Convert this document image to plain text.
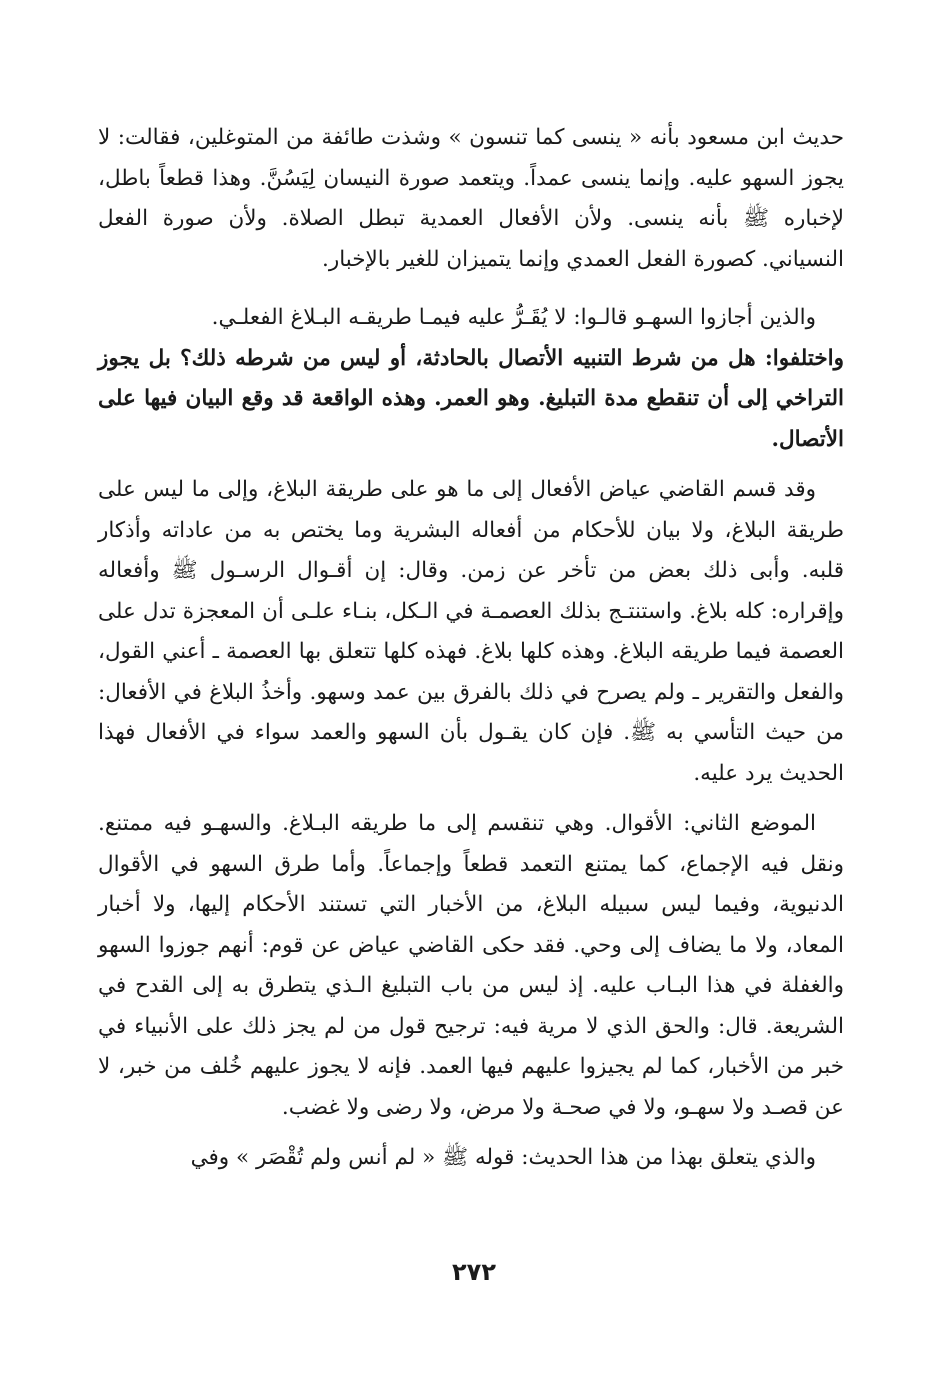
حديث ابن مسعود بأنه « ينسى كما تنسون » وشذت طائفة من المتوغلين، فقالت: لا يجوز السهو عليه. وإنما ينسى عمداً. ويتعمد صورة النيسان لِيَسُنَّ. وهذا قطعاً باطل، لإخباره ﷺ بأنه ينسى. ولأن الأفعال العمدية تبطل الصلاة. ولأن صورة الفعل النسياني. كصورة الفعل العمدي وإنما يتميزان للغير بالإخبار.

والذين أجازوا السهـو قالـوا: لا يُقَـرُّ عليه فيمـا طريقـه البـلاغ الفعلـي.

واختلفوا: هل من شرط التنبيه الأتصال بالحادثة، أو ليس من شرطه ذلك؟ بل يجوز التراخي إلى أن تنقطع مدة التبليغ. وهو العمر. وهذه الواقعة قد وقع البيان فيها على الأتصال.

وقد قسم القاضي عياض الأفعال إلى ما هو على طريقة البلاغ، وإلى ما ليس على طريقة البلاغ، ولا بيان للأحكام من أفعاله البشرية وما يختص به من عاداته وأذكار قلبه. وأبى ذلك بعض من تأخر عن زمن. وقال: إن أقـوال الرسـول ﷺ وأفعاله وإقراره: كله بلاغ. واستنتـج بذلك العصمـة في الـكل، بنـاء علـى أن المعجزة تدل على العصمة فيما طريقه البلاغ. وهذه كلها بلاغ. فهذه كلها تتعلق بها العصمة ـ أعني القول، والفعل والتقرير ـ ولم يصرح في ذلك بالفرق بين عمد وسهو. وأخذُ البلاغ في الأفعال: من حيث التأسي به ﷺ. فإن كان يقـول بأن السهو والعمد سواء في الأفعال فهذا الحديث يرد عليه.

الموضع الثاني: الأقوال. وهي تنقسم إلى ما طريقه البـلاغ. والسهـو فيه ممتنع. ونقل فيه الإجماع، كما يمتنع التعمد قطعاً وإجماعاً. وأما طرق السهو في الأقوال الدنيوية، وفيما ليس سبيله البلاغ، من الأخبار التي تستند الأحكام إليها، ولا أخبار المعاد، ولا ما يضاف إلى وحي. فقد حكى القاضي عياض عن قوم: أنهم جوزوا السهو والغفلة في هذا البـاب عليه. إذ ليس من باب التبليغ الـذي يتطرق به إلى القدح في الشريعة. قال: والحق الذي لا مرية فيه: ترجيح قول من لم يجز ذلك على الأنبياء في خبر من الأخبار، كما لم يجيزوا عليهم فيها العمد. فإنه لا يجوز عليهم خُلف من خبر، لا عن قصـد ولا سهـو، ولا في صحـة ولا مرض، ولا رضى ولا غضب.

والذي يتعلق بهذا من هذا الحديث: قوله ﷺ « لم أنس ولم تُقْصَر » وفي

٢٧٢
